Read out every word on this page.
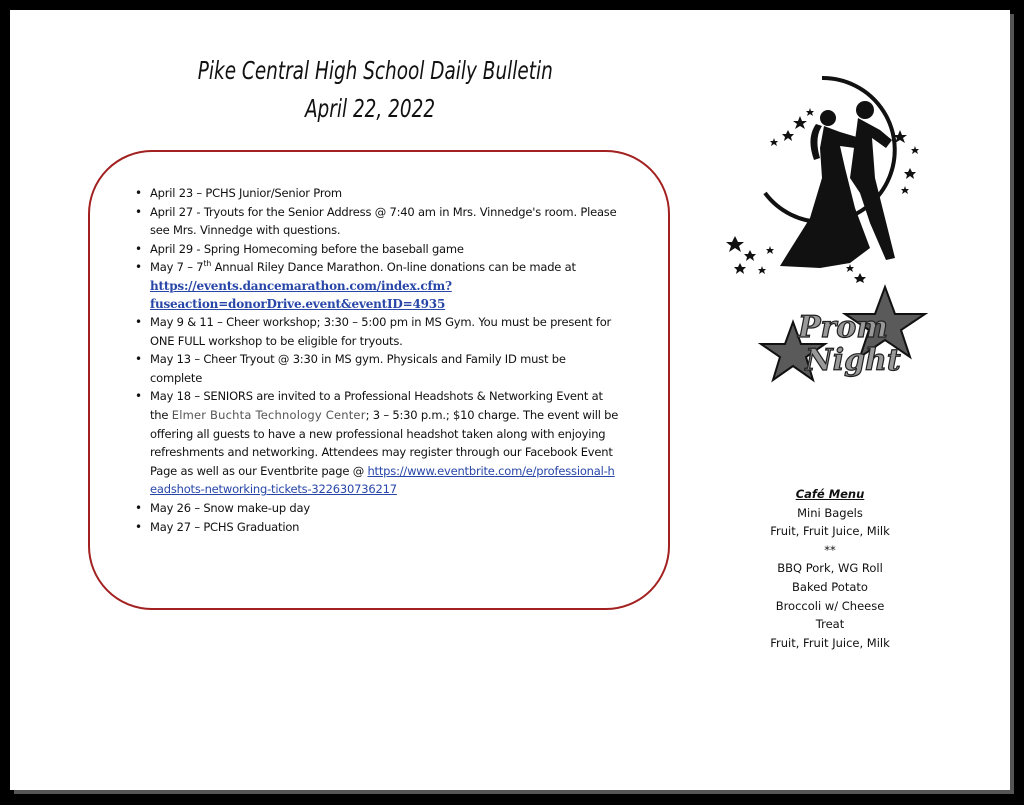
Pike Central High School Daily Bulletin
April 22, 2022
• April 23 – PCHS Junior/Senior Prom
• April 27 - Tryouts for the Senior Address @ 7:40 am in Mrs. Vinnedge's room. Please see Mrs. Vinnedge with questions.
• April 29 - Spring Homecoming before the baseball game
• May 7 – 7th Annual Riley Dance Marathon. On-line donations can be made at
https://events.dancemarathon.com/index.cfm?fuseaction=donorDrive.event&eventID=4935
• May 9 & 11 – Cheer workshop; 3:30 – 5:00 pm in MS Gym. You must be present for ONE FULL workshop to be eligible for tryouts.
• May 13 – Cheer Tryout @ 3:30 in MS gym. Physicals and Family ID must be complete
• May 18 – SENIORS are invited to a Professional Headshots & Networking Event at the Elmer Buchta Technology Center; 3 – 5:30 p.m.; $10 charge. The event will be offering all guests to have a new professional headshot taken along with enjoying refreshments and networking. Attendees may register through our Facebook Event Page as well as our Eventbrite page @ https://www.eventbrite.com/e/professional-headshots-networking-tickets-322630736217
• May 26 – Snow make-up day
• May 27 – PCHS Graduation
Prom
Night
Café Menu
Mini Bagels
Fruit, Fruit Juice, Milk
**
BBQ Pork, WG Roll
Baked Potato
Broccoli w/ Cheese
Treat
Fruit, Fruit Juice, Milk
